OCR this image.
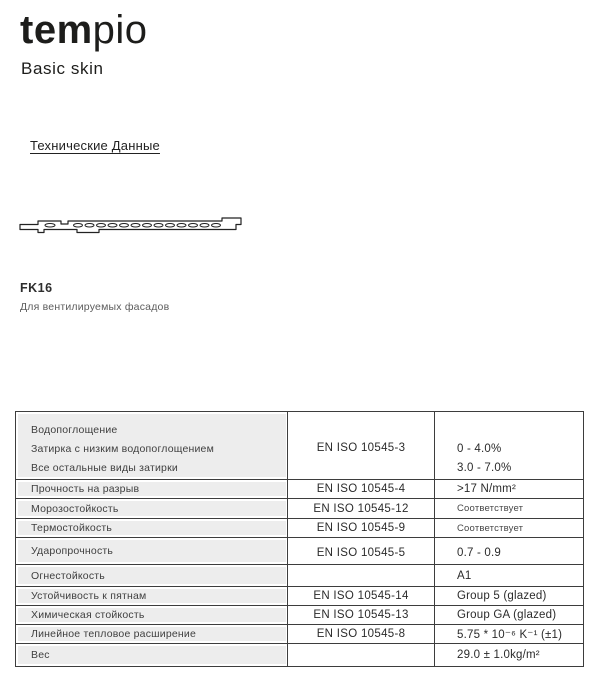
tempio
Basic skin
Технические Данные
FK16
Для вентилируемых фасадов
Водопоглощение
Затирка с низким водопоглощением
Все остальные виды затирки
	EN ISO 10545-3	0 - 4.0%
3.0 - 7.0%

Прочность на разрыв	EN ISO 10545-4	>17 N/mm²

Морозостойкость	EN ISO 10545-12	Соответствует

Термостойкость	EN ISO 10545-9	Соответствует

Ударопрочность	EN ISO 10545-5	0.7 - 0.9

Огнестойкость		A1

Устойчивость к пятнам	EN ISO 10545-14	Group 5 (glazed)

Химическая стойкость	EN ISO 10545-13	Group GA (glazed)

Линейное тепловое расширение	EN ISO 10545-8	5.75 * 10⁻⁶ K⁻¹ (±1)

Вес		29.0 ± 1.0kg/m²
